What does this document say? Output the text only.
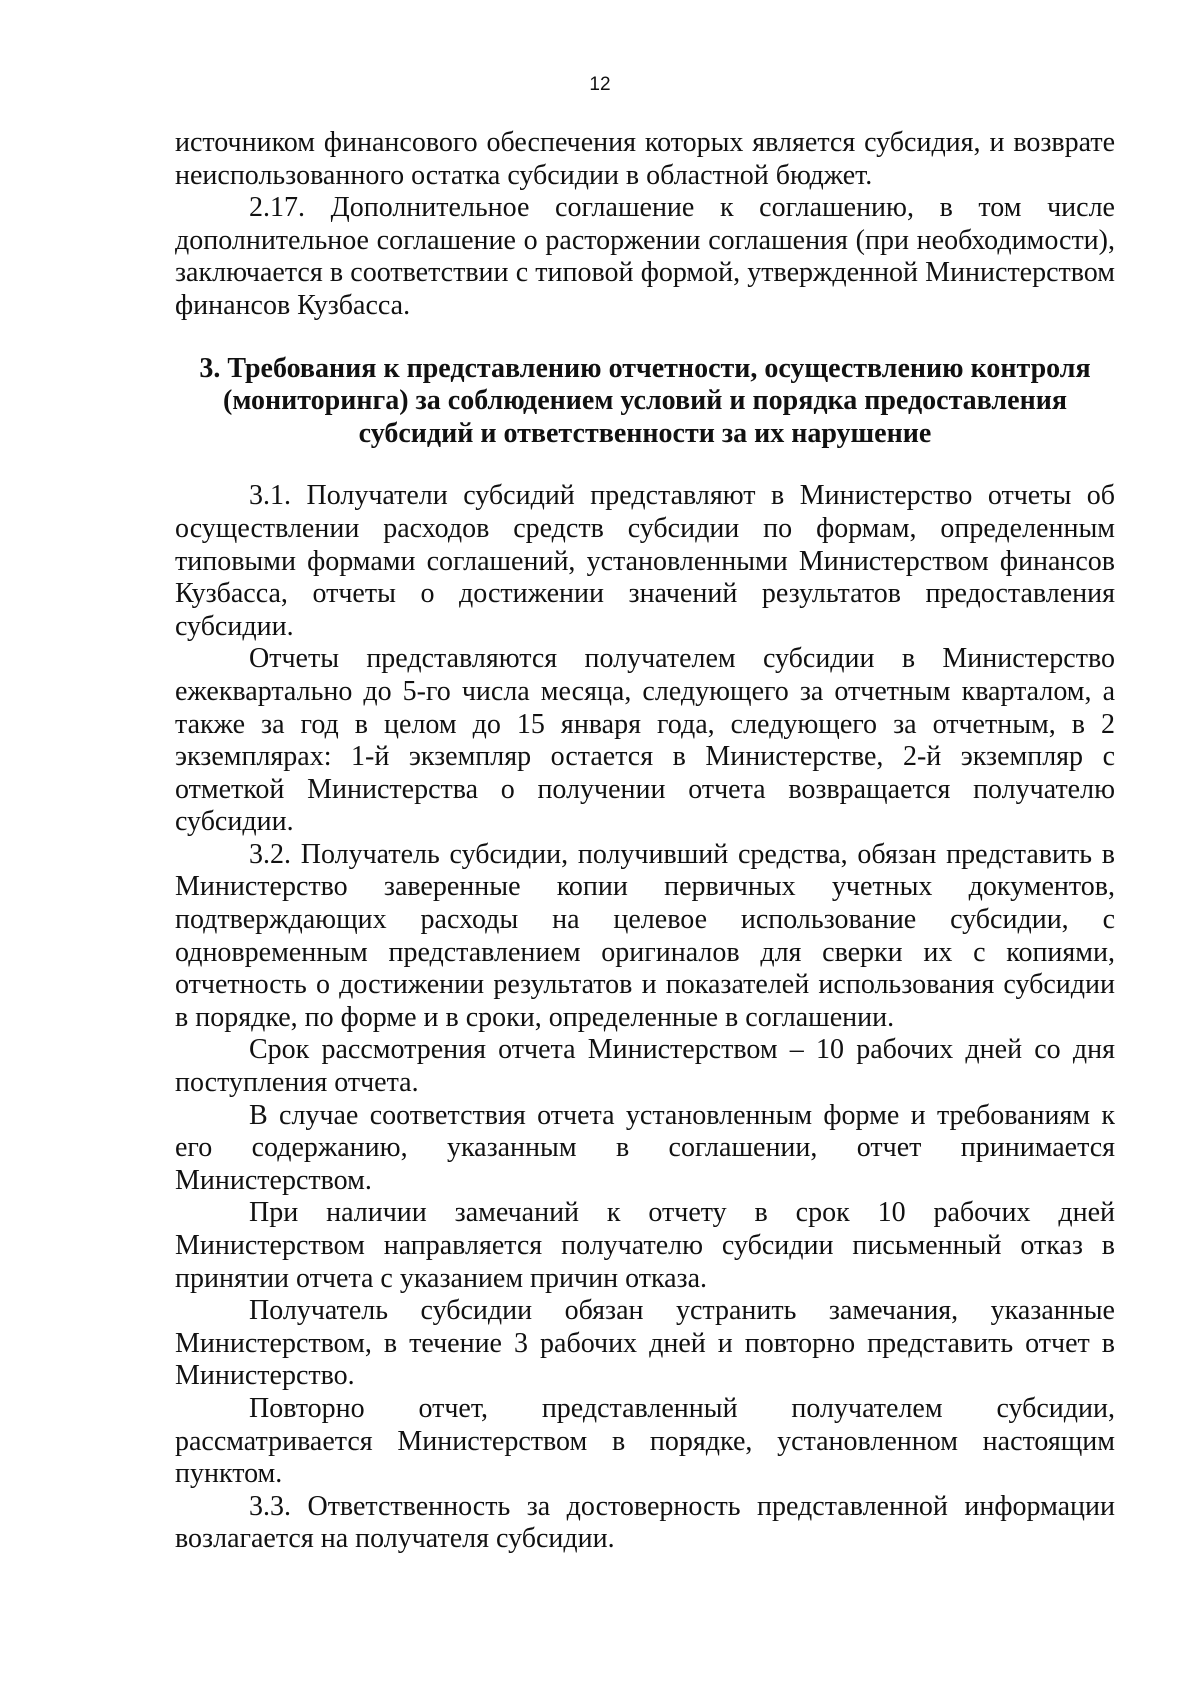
12

источником финансового обеспечения которых является субсидия, и возврате неиспользованного остатка субсидии в областной бюджет.

2.17. Дополнительное соглашение к соглашению, в том числе дополнительное соглашение о расторжении соглашения (при необходимости), заключается в соответствии с типовой формой, утвержденной Министерством финансов Кузбасса.

3. Требования к представлению отчетности, осуществлению контроля (мониторинга) за соблюдением условий и порядка предоставления субсидий и ответственности за их нарушение

3.1. Получатели субсидий представляют в Министерство отчеты об осуществлении расходов средств субсидии по формам, определенным типовыми формами соглашений, установленными Министерством финансов Кузбасса, отчеты о достижении значений результатов предоставления субсидии.

Отчеты представляются получателем субсидии в Министерство ежеквартально до 5-го числа месяца, следующего за отчетным кварталом, а также за год в целом до 15 января года, следующего за отчетным, в 2 экземплярах: 1-й экземпляр остается в Министерстве, 2-й экземпляр с отметкой Министерства о получении отчета возвращается получателю субсидии.

3.2. Получатель субсидии, получивший средства, обязан представить в Министерство заверенные копии первичных учетных документов, подтверждающих расходы на целевое использование субсидии, с одновременным представлением оригиналов для сверки их с копиями, отчетность о достижении результатов и показателей использования субсидии в порядке, по форме и в сроки, определенные в соглашении.

Срок рассмотрения отчета Министерством – 10 рабочих дней со дня поступления отчета.

В случае соответствия отчета установленным форме и требованиям к его содержанию, указанным в соглашении, отчет принимается Министерством.

При наличии замечаний к отчету в срок 10 рабочих дней Министерством направляется получателю субсидии письменный отказ в принятии отчета с указанием причин отказа.

Получатель субсидии обязан устранить замечания, указанные Министерством, в течение 3 рабочих дней и повторно представить отчет в Министерство.

Повторно отчет, представленный получателем субсидии, рассматривается Министерством в порядке, установленном настоящим пунктом.

3.3. Ответственность за достоверность представленной информации возлагается на получателя субсидии.
